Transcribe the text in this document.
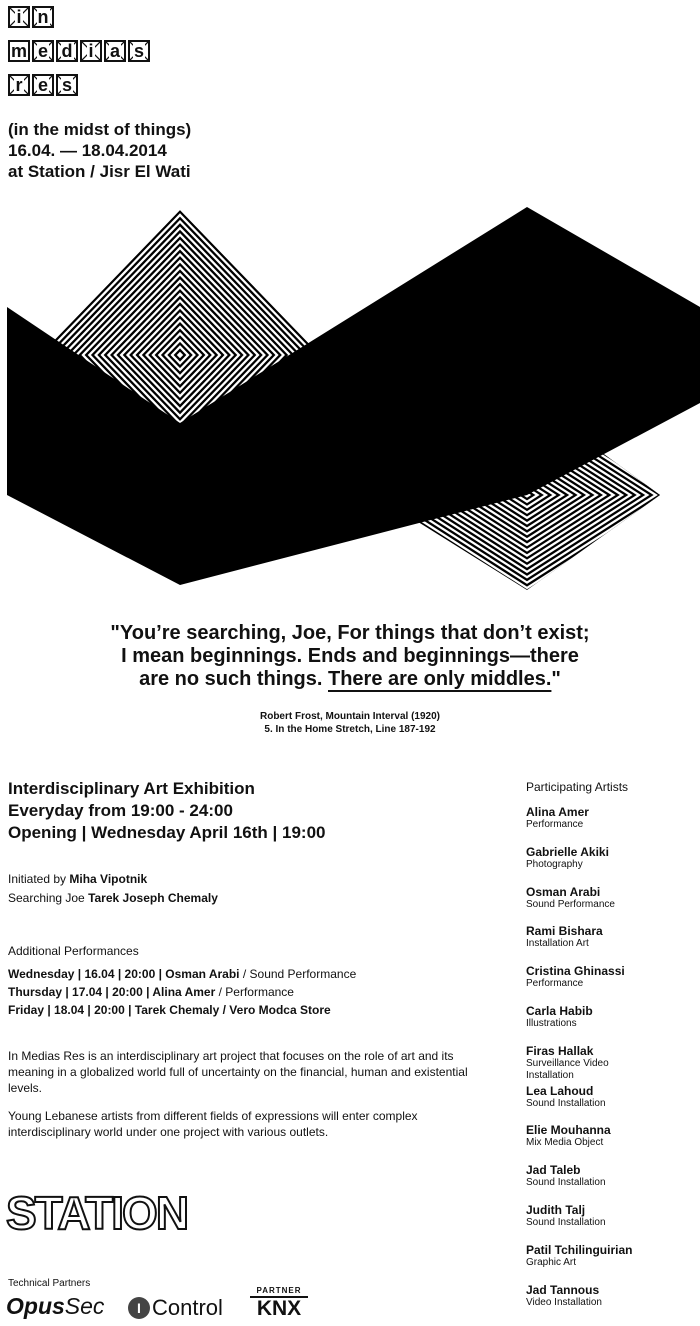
i n
m e d i a s
r e s
(in the midst of things)
16.04. — 18.04.2014
at Station / Jisr El Wati
"You’re searching, Joe, For things that don’t exist;
I mean beginnings. Ends and beginnings—there
are no such things. There are only middles."
Robert Frost, Mountain Interval (1920)
5. In the Home Stretch, Line 187-192
Interdisciplinary Art Exhibition
Everyday from 19:00 - 24:00
Opening | Wednesday April 16th | 19:00
Initiated by Miha Vipotnik
Searching Joe Tarek Joseph Chemaly
Additional Performances
Wednesday | 16.04 | 20:00 | Osman Arabi / Sound Performance
Thursday | 17.04 | 20:00 | Alina Amer / Performance
Friday | 18.04 | 20:00 | Tarek Chemaly / Vero Modca Store
In Medias Res is an interdisciplinary art project that focuses on the role of art and its meaning in a globalized world full of uncertainty on the financial, human and existential levels.
Young Lebanese artists from different fields of expressions will enter complex interdisciplinary world under one project with various outlets.
Participating Artists
Alina Amer
Performance
Gabrielle Akiki
Photography
Osman Arabi
Sound Performance
Rami Bishara
Installation Art
Cristina Ghinassi
Performance
Carla Habib
Illustrations
Firas Hallak
Surveillance Video Installation
Lea Lahoud
Sound Installation
Elie Mouhanna
Mix Media Object
Jad Taleb
Sound Installation
Judith Talj
Sound Installation
Patil Tchilinguirian
Graphic Art
Jad Tannous
Video Installation
STATION
Technical Partners
OpusSec	I Control
PARTNER
KNX
